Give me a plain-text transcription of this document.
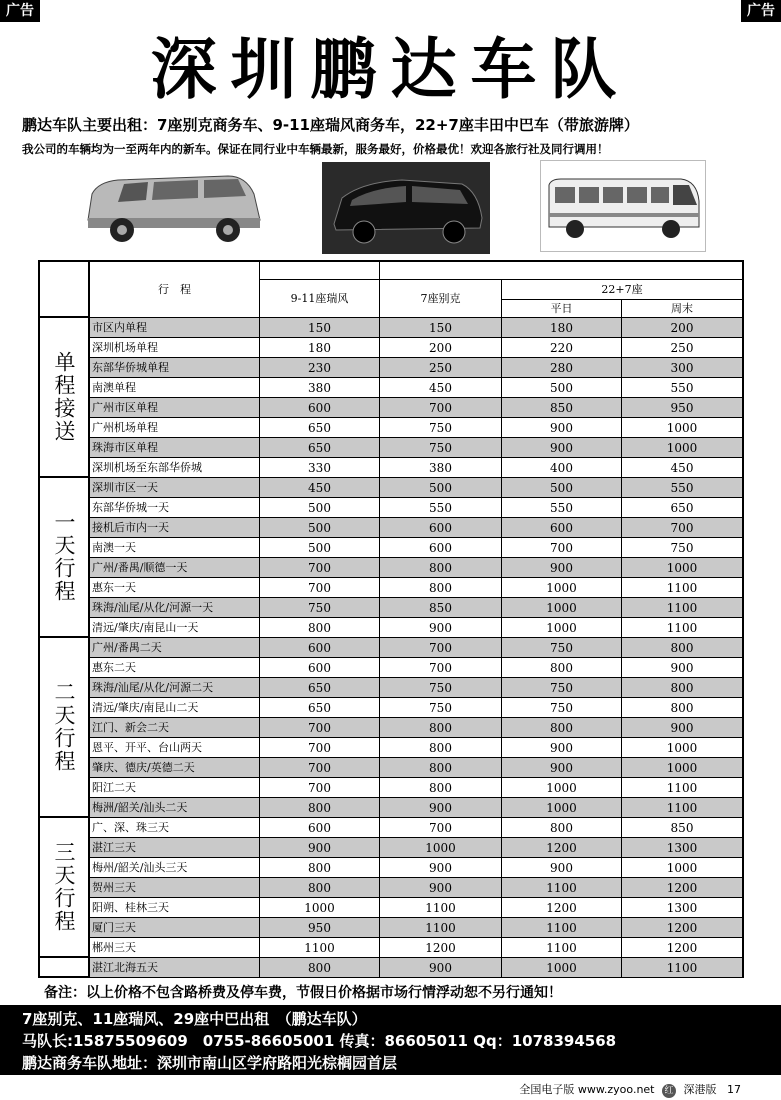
广告	广告
深圳鹏达车队
鹏达车队主要出租：7座别克商务车、9-11座瑞风商务车，22+7座丰田中巴车（带旅游牌）
我公司的车辆均为一至两年内的新车。保证在同行业中车辆最新，服务最好，价格最优！欢迎各旅行社及同行调用！
行　程
9-11座瑞风	7座别克
22+7座
平日	周末
单程接送
一天行程
二天行程
三天行程
市区内单程	150	150	180	200
深圳机场单程	180	200	220	250
东部华侨城单程	230	250	280	300
南澳单程	380	450	500	550
广州市区单程	600	700	850	950
广州机场单程	650	750	900	1000
珠海市区单程	650	750	900	1000
深圳机场至东部华侨城	330	380	400	450
深圳市区一天	450	500	500	550
东部华侨城一天	500	550	550	650
接机后市内一天	500	600	600	700
南澳一天	500	600	700	750
广州/番禺/顺德一天	700	800	900	1000
惠东一天	700	800	1000	1100
珠海/汕尾/从化/河源一天	750	850	1000	1100
清远/肇庆/南昆山一天	800	900	1000	1100
广州/番禺二天	600	700	750	800
惠东二天	600	700	800	900
珠海/汕尾/从化/河源二天	650	750	750	800
清远/肇庆/南昆山二天	650	750	750	800
江门、新会二天	700	800	800	900
恩平、开平、台山两天	700	800	900	1000
肇庆、德庆/英德二天	700	800	900	1000
阳江二天	700	800	1000	1100
梅洲/韶关/汕头二天	800	900	1000	1100
广、深、珠三天	600	700	800	850
湛江三天	900	1000	1200	1300
梅州/韶关/汕头三天	800	900	900	1000
贺州三天	800	900	1100	1200
阳朔、桂林三天	1000	1100	1200	1300
厦门三天	950	1100	1100	1200
郴州三天	1100	1200	1100	1200
湛江北海五天	800	900	1000	1100
备注：以上价格不包含路桥费及停车费，节假日价格据市场行情浮动恕不另行通知！
7座别克、11座瑞风、29座中巴出租　（鹏达车队）
马队长:15875509609　0755-86605001 传真：86605011 Qq：1078394568
鹏达商务车队地址：深圳市南山区学府路阳光棕榈园首层
全国电子版 www.zyoo.net 红 深港版 17
